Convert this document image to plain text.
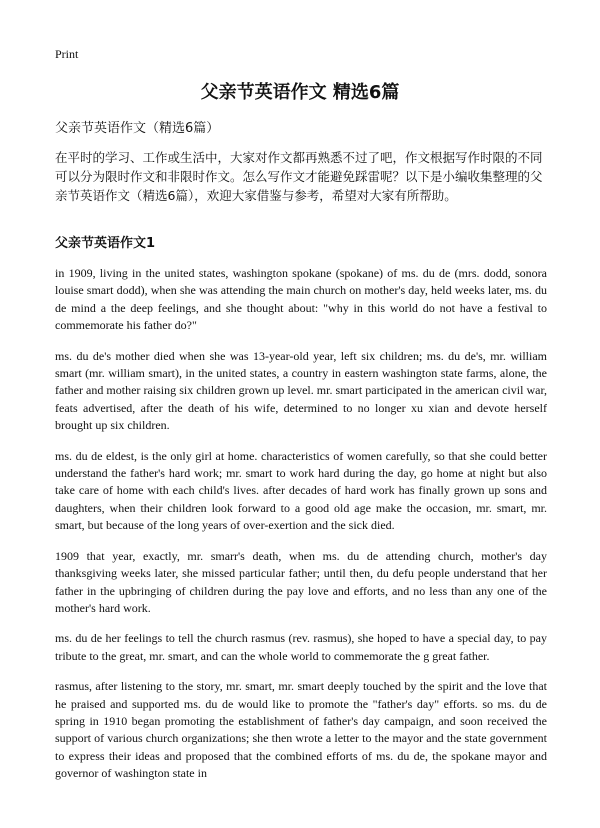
Print
父亲节英语作文 精选6篇
父亲节英语作文（精选6篇）

在平时的学习、工作或生活中，大家对作文都再熟悉不过了吧，作文根据写作时限的不同可以分为限时作文和非限时作文。怎么写作文才能避免踩雷呢？以下是小编收集整理的父亲节英语作文（精选6篇），欢迎大家借鉴与参考，希望对大家有所帮助。

父亲节英语作文1

in 1909, living in the united states, washington spokane (spokane) of ms. du de (mrs. dodd, sonora louise smart dodd), when she was attending the main church on mother's day, held weeks later, ms. du de mind a the deep feelings, and she thought about: "why in this world do not have a festival to commemorate his father do?"

ms. du de's mother died when she was 13-year-old year, left six children; ms. du de's, mr. william smart (mr. william smart), in the united states, a country in eastern washington state farms, alone, the father and mother raising six children grown up level. mr. smart participated in the american civil war, feats advertised, after the death of his wife, determined to no longer xu xian and devote herself brought up six children.

ms. du de eldest, is the only girl at home. characteristics of women carefully, so that she could better understand the father's hard work; mr. smart to work hard during the day, go home at night but also take care of home with each child's lives. after decades of hard work has finally grown up sons and daughters, when their children look forward to a good old age make the occasion, mr. smart, mr. smart, but because of the long years of over-exertion and the sick died.

1909 that year, exactly, mr. smarr's death, when ms. du de attending church, mother's day thanksgiving weeks later, she missed particular father; until then, du defu people understand that her father in the upbringing of children during the pay love and efforts, and no less than any one of the mother's hard work.

ms. du de her feelings to tell the church rasmus (rev. rasmus), she hoped to have a special day, to pay tribute to the great, mr. smart, and can the whole world to commemorate the g great father.

rasmus, after listening to the story, mr. smart, mr. smart deeply touched by the spirit and the love that he praised and supported ms. du de would like to promote the "father's day" efforts. so ms. du de spring in 1910 began promoting the establishment of father's day campaign, and soon received the support of various church organizations; she then wrote a letter to the mayor and the state government to express their ideas and proposed that the combined efforts of ms. du de, the spokane mayor and governor of washington state in
